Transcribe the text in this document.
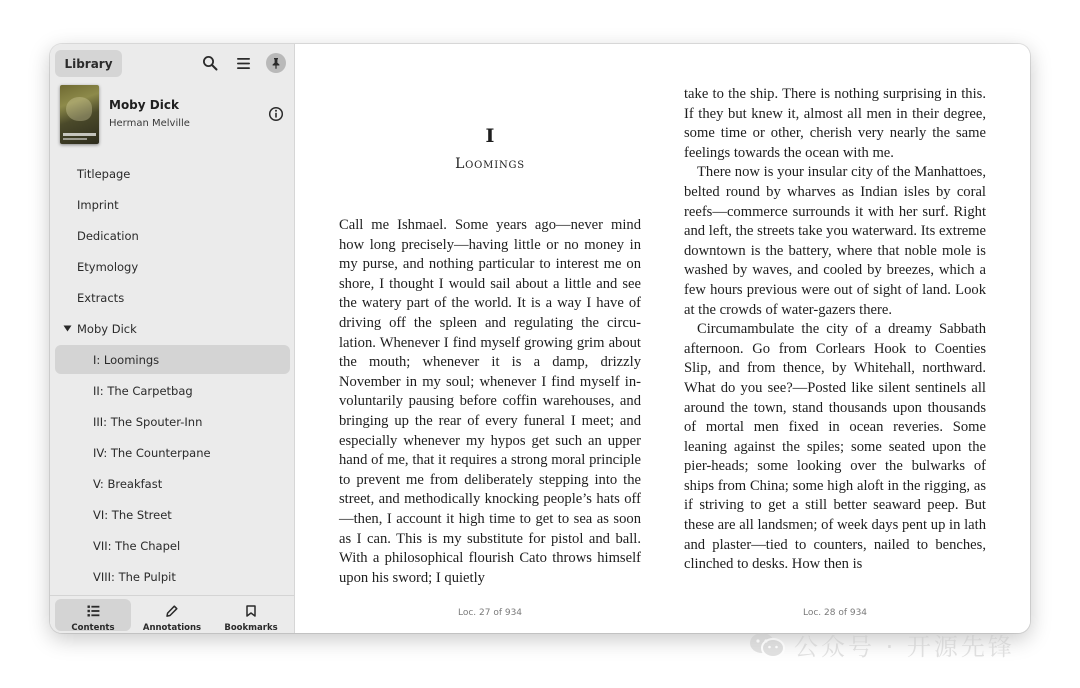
Library
Moby Dick
Herman Melville
Titlepage
Imprint
Dedication
Etymology
Extracts
Moby Dick
I: Loomings
II: The Carpetbag
III: The Spouter-Inn
IV: The Counterpane
V: Breakfast
VI: The Street
VII: The Chapel
VIII: The Pulpit
Contents	Annotations	Bookmarks
I
Loomings

Call me Ishmael. Some years ago—never mind how long precisely—having little or no money in my purse, and nothing particular to interest me on shore, I thought I would sail about a little and see the watery part of the world. It is a way I have of driving off the spleen and regulating the circulation. Whenever I find myself growing grim about the mouth; whenever it is a damp, drizzly November in my soul; whenever I find myself involuntarily pausing before coffin warehouses, and bringing up the rear of every funeral I meet; and especially whenever my hypos get such an upper hand of me, that it requires a strong moral principle to prevent me from deliberately stepping into the street, and methodically knocking people’s hats off—then, I account it high time to get to sea as soon as I can. This is my substitute for pistol and ball. With a philosophical flourish Cato throws himself upon his sword; I quietly

take to the ship. There is nothing surprising in this. If they but knew it, almost all men in their degree, some time or other, cherish very nearly the same feelings towards the ocean with me.

There now is your insular city of the Manhattoes, belted round by wharves as Indian isles by coral reefs—commerce surrounds it with her surf. Right and left, the streets take you waterward. Its extreme downtown is the battery, where that noble mole is washed by waves, and cooled by breezes, which a few hours previous were out of sight of land. Look at the crowds of water-gazers there.

Circumambulate the city of a dreamy Sabbath afternoon. Go from Corlears Hook to Coenties Slip, and from thence, by Whitehall, northward. What do you see?—Posted like silent sentinels all around the town, stand thousands upon thousands of mortal men fixed in ocean reveries. Some leaning against the spiles; some seated upon the pier-heads; some looking over the bulwarks of ships from China; some high aloft in the rigging, as if striving to get a still better seaward peep. But these are all landsmen; of week days pent up in lath and plaster—tied to counters, nailed to benches, clinched to desks. How then is

Loc. 27 of 934	Loc. 28 of 934
公众号 · 开源先锋
